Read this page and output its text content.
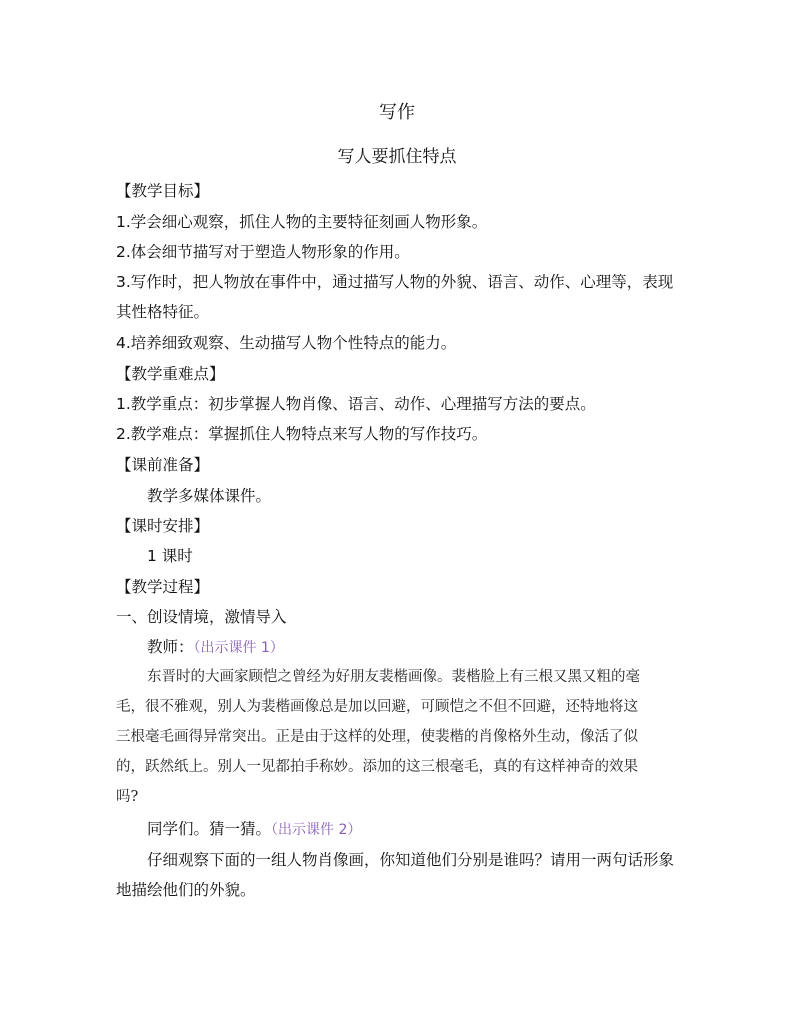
写作
写人要抓住特点
【教学目标】
1.学会细心观察，抓住人物的主要特征刻画人物形象。
2.体会细节描写对于塑造人物形象的作用。
3.写作时，把人物放在事件中，通过描写人物的外貌、语言、动作、心理等，表现
其性格特征。
4.培养细致观察、生动描写人物个性特点的能力。
【教学重难点】
1.教学重点：初步掌握人物肖像、语言、动作、心理描写方法的要点。
2.教学难点：掌握抓住人物特点来写人物的写作技巧。
【课前准备】
教学多媒体课件。
【课时安排】
1 课时
【教学过程】
一、创设情境，激情导入
教师：（出示课件 1）
东晋时的大画家顾恺之曾经为好朋友裴楷画像。裴楷脸上有三根又黑又粗的毫
毛，很不雅观，别人为裴楷画像总是加以回避，可顾恺之不但不回避，还特地将这
三根毫毛画得异常突出。正是由于这样的处理，使裴楷的肖像格外生动，像活了似
的，跃然纸上。别人一见都拍手称妙。添加的这三根毫毛，真的有这样神奇的效果
吗?
同学们。猜一猜。（出示课件 2）
仔细观察下面的一组人物肖像画，你知道他们分别是谁吗？请用一两句话形象
地描绘他们的外貌。
